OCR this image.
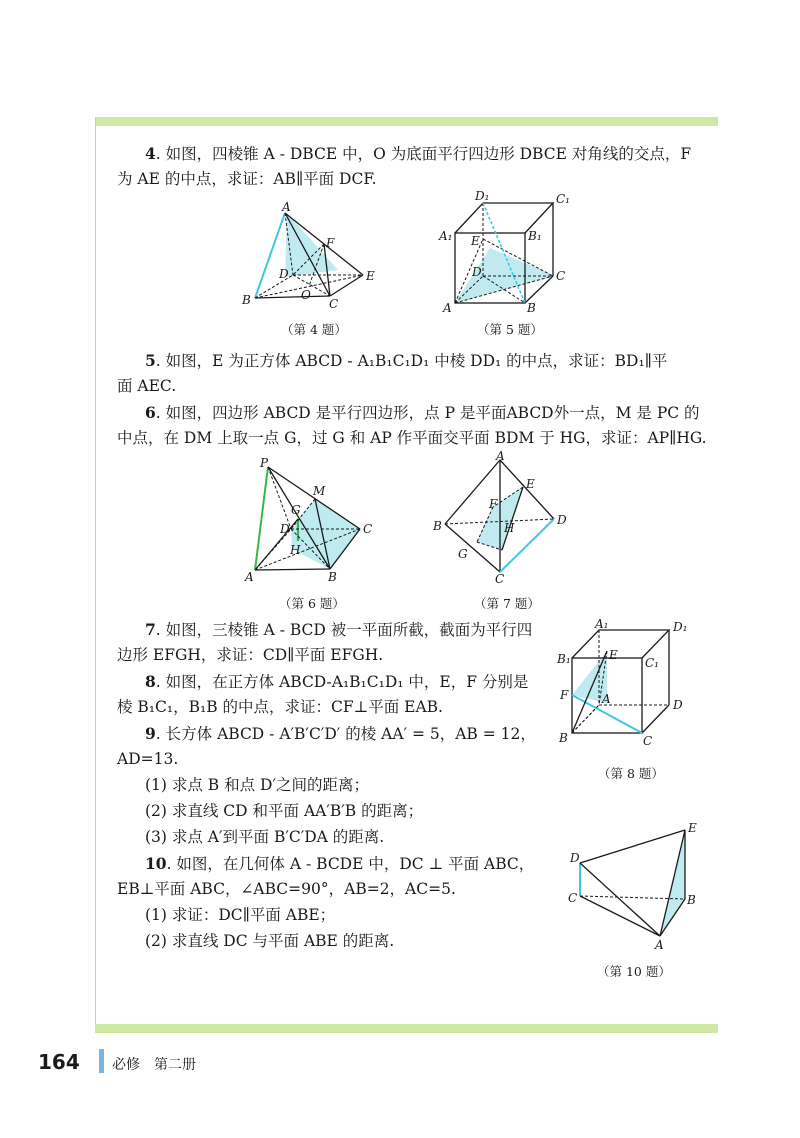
4. 如图，四棱锥 A - DBCE 中，O 为底面平行四边形 DBCE 对角线的交点，F
为 AE 的中点，求证：AB∥平面 DCF.
A
B	C
D	E
F
O
（第 4 题）
D₁	C₁
A₁	B₁
E
D	C
A	B
（第 5 题）
5. 如图，E 为正方体 ABCD - A₁B₁C₁D₁ 中棱 DD₁ 的中点，求证：BD₁∥平
面 AEC.
6. 如图，四边形 ABCD 是平行四边形，点 P 是平面ABCD外一点，M 是 PC 的
中点，在 DM 上取一点 G，过 G 和 AP 作平面交平面 BDM 于 HG，求证：AP∥HG.
P
M
G
D	C
H
A	B
（第 6 题）
A
E
F
D
B	H
G
C
（第 7 题）
7. 如图，三棱锥 A - BCD 被一平面所截，截面为平行四
边形 EFGH，求证：CD∥平面 EFGH.
8. 如图，在正方体 ABCD-A₁B₁C₁D₁ 中，E，F 分别是
棱 B₁C₁，B₁B 的中点，求证：CF⊥平面 EAB.
A₁	D₁
B₁	E
C₁
F	A	D
B	C
（第 8 题）
9. 长方体 ABCD - A′B′C′D′ 的棱 AA′ = 5，AB = 12，
AD=13.
(1) 求点 B 和点 D′之间的距离；
(2) 求直线 CD 和平面 AA′B′B 的距离；
(3) 求点 A′到平面 B′C′DA 的距离.
10. 如图，在几何体 A - BCDE 中，DC ⊥ 平面 ABC，
EB⊥平面 ABC，∠ABC=90°，AB=2，AC=5.
(1) 求证：DC∥平面 ABE；
(2) 求直线 DC 与平面 ABE 的距离.
E
D
C	B
A
（第 10 题）
164 必修　第二册
